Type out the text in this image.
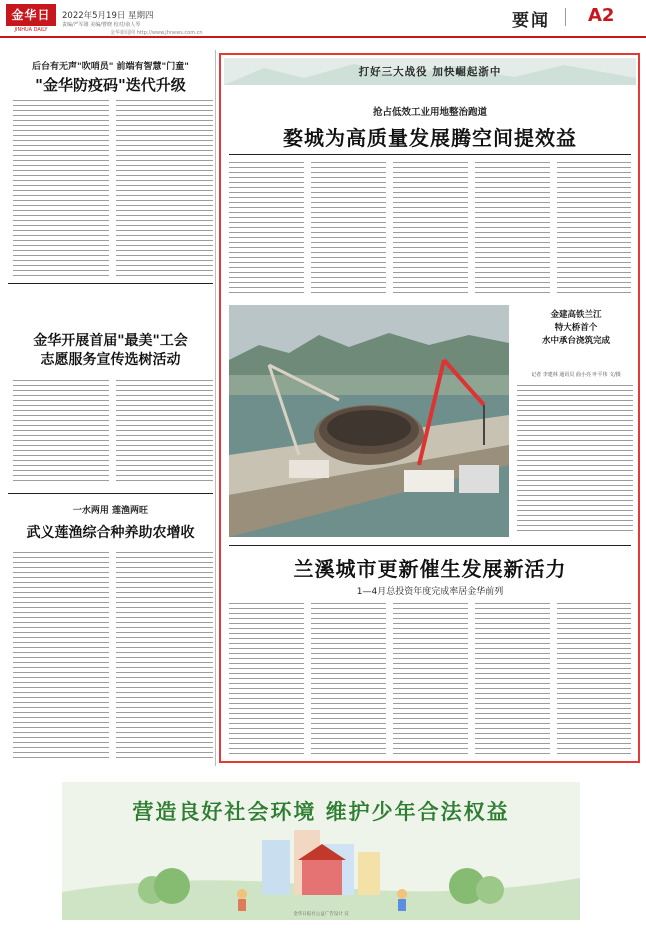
金华日
JINHUA DAILY
2022年5月19日 星期四
责编/严军雄 美编/曹晓 校对/俞人琴
金华新闻网 http://www.jhnews.com.cn
要闻 A2
后台有无声"吹哨员" 前端有智慧"门童"
"金华防疫码"迭代升级
金华开展首届"最美"工会
志愿服务宣传选树活动
一水两用 莲渔两旺
武义莲渔综合种养助农增收
打好三大战役 加快崛起浙中
抢占低效工业用地整治跑道
婺城为高质量发展腾空间提效益
金建高铁兰江
特大桥首个
水中承台浇筑完成
记者 李建林 通讯员 曲小亮 叶平伟 文/摄
兰溪城市更新催生发展新活力
1—4月总投资年度完成率居金华前列
营造良好社会环境 维护少年合法权益
金华日报社公益广告设计 宣
